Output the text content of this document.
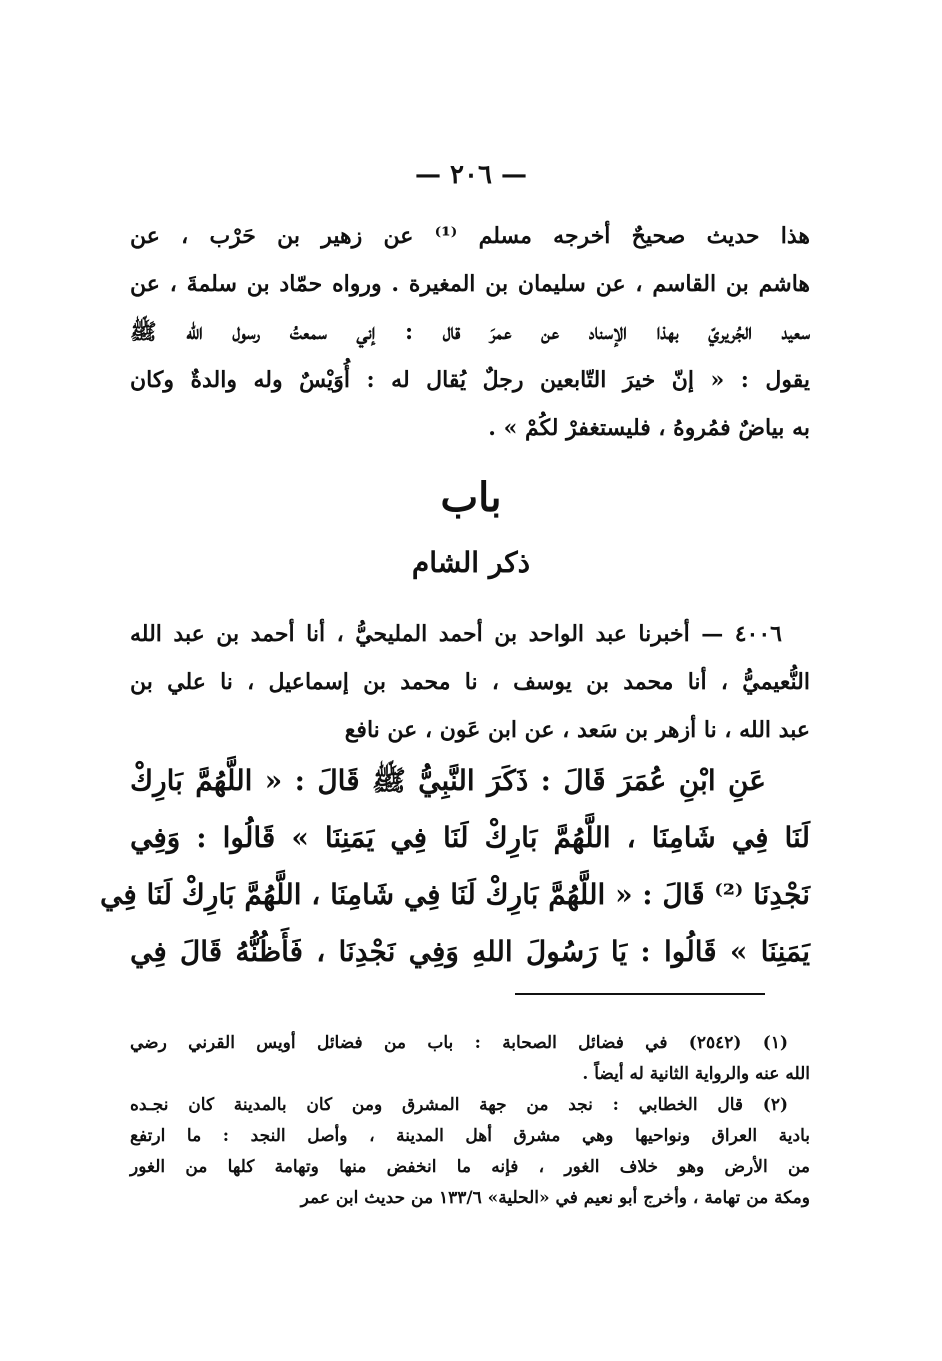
— ٢٠٦ —
هذا حديث صحيحٌ أخرجه مسلم ⁽¹⁾ عن زهير بن حَرْب ، عن
هاشم بن القاسم ، عن سليمان بن المغيرة . ورواه حمّاد بن سلمةَ ، عن
سعيد الجُريريّ بهذا الإسناد عن عمرَ قال : إني سمعتُ رسول الله ﷺ
يقول : « إنّ خيرَ التّابعين رجلٌ يُقال له : أُوَيْسٌ وله والدةٌ وكان
به بياضٌ فمُروهُ ، فليستغفرْ لكُمْ » .
باب
ذكر الشام
٤٠٠٦ — أخبرنا عبد الواحد بن أحمد المليحيُّ ، أنا أحمد بن عبد الله
النُّعيميُّ ، أنا محمد بن يوسف ، نا محمد بن إسماعيل ، نا علي بن
عبد الله ، نا أزهر بن سَعد ، عن ابن عَون ، عن نافع
عَنِ ابْنِ عُمَرَ قَالَ : ذَكَرَ النَّبِيُّ ﷺ قَالَ : « اللَّهُمَّ بَارِكْ
لَنَا فِي شَامِنَا ، اللَّهُمَّ بَارِكْ لَنَا فِي يَمَنِنَا » قَالُوا : وَفِي
نَجْدِنَا ⁽²⁾ قَالَ : « اللَّهُمَّ بَارِكْ لَنَا فِي شَامِنَا ، اللَّهُمَّ بَارِكْ لَنَا فِي
يَمَنِنَا » قَالُوا : يَا رَسُولَ اللهِ وَفِي نَجْدِنَا ، فَأَظُنُّهُ قَالَ فِي
(١) (٢٥٤٢) في فضائل الصحابة : باب من فضائل أويس القرني رضي
الله عنه والرواية الثانية له أيضاً .
(٢) قال الخطابي : نجد من جهة المشرق ومن كان بالمدينة كان نجـده
بادية العراق ونواحيها وهي مشرق أهل المدينة ، وأصل النجد : ما ارتفع
من الأرض وهو خلاف الغور ، فإنه ما انخفض منها وتهامة كلها من الغور
ومكة من تهامة ، وأخرج أبو نعيم في «الحلية» ١٣٣/٦ من حديث ابن عمر
